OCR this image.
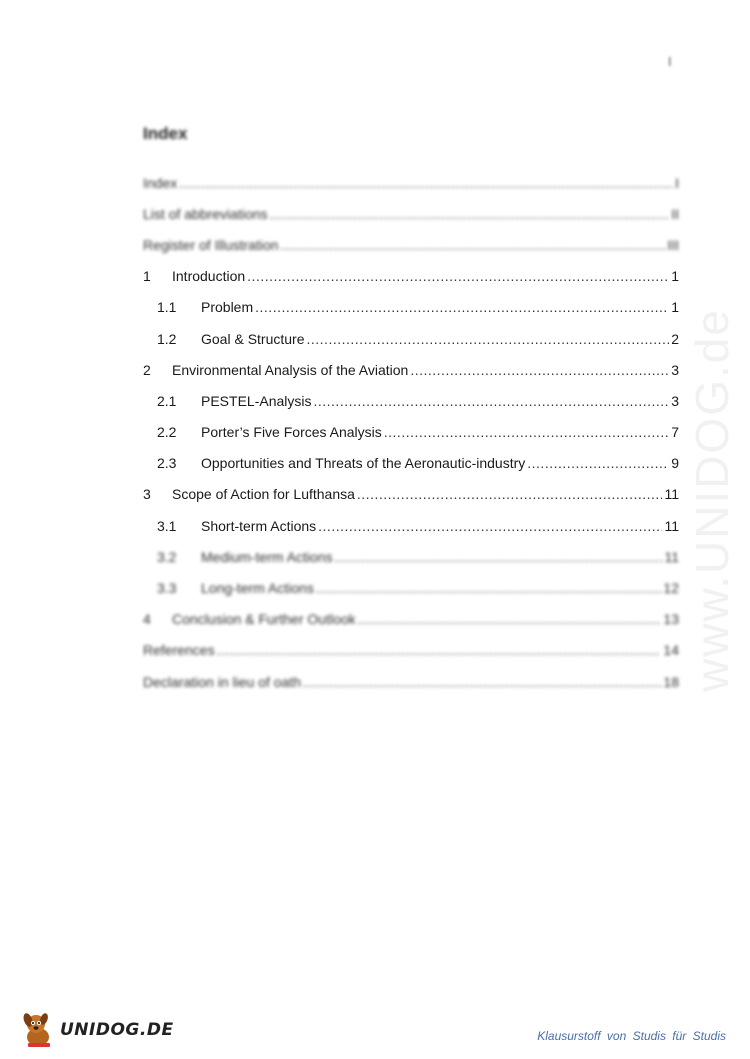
I
Index
Index .....	I
List of abbreviations .....	II
Register of Illustration .....	III
1	Introduction .....	1
1.1	Problem .....	1
1.2	Goal & Structure .....	2
2	Environmental Analysis of the Aviation .....	3
2.1	PESTEL-Analysis .....	3
2.2	Porter’s Five Forces Analysis .....	7
2.3	Opportunities and Threats of the Aeronautic-industry .....	9
3	Scope of Action for Lufthansa .....	11
3.1	Short-term Actions .....	11
3.2	Medium-term Actions .....	11
3.3	Long-term Actions .....	12
4	Conclusion & Further Outlook .....	13
References .....	14
Declaration in lieu of oath .....	18 www.UNIDOG.de
UNIDOG.DE	Klausurstoff von Studis für Studis
